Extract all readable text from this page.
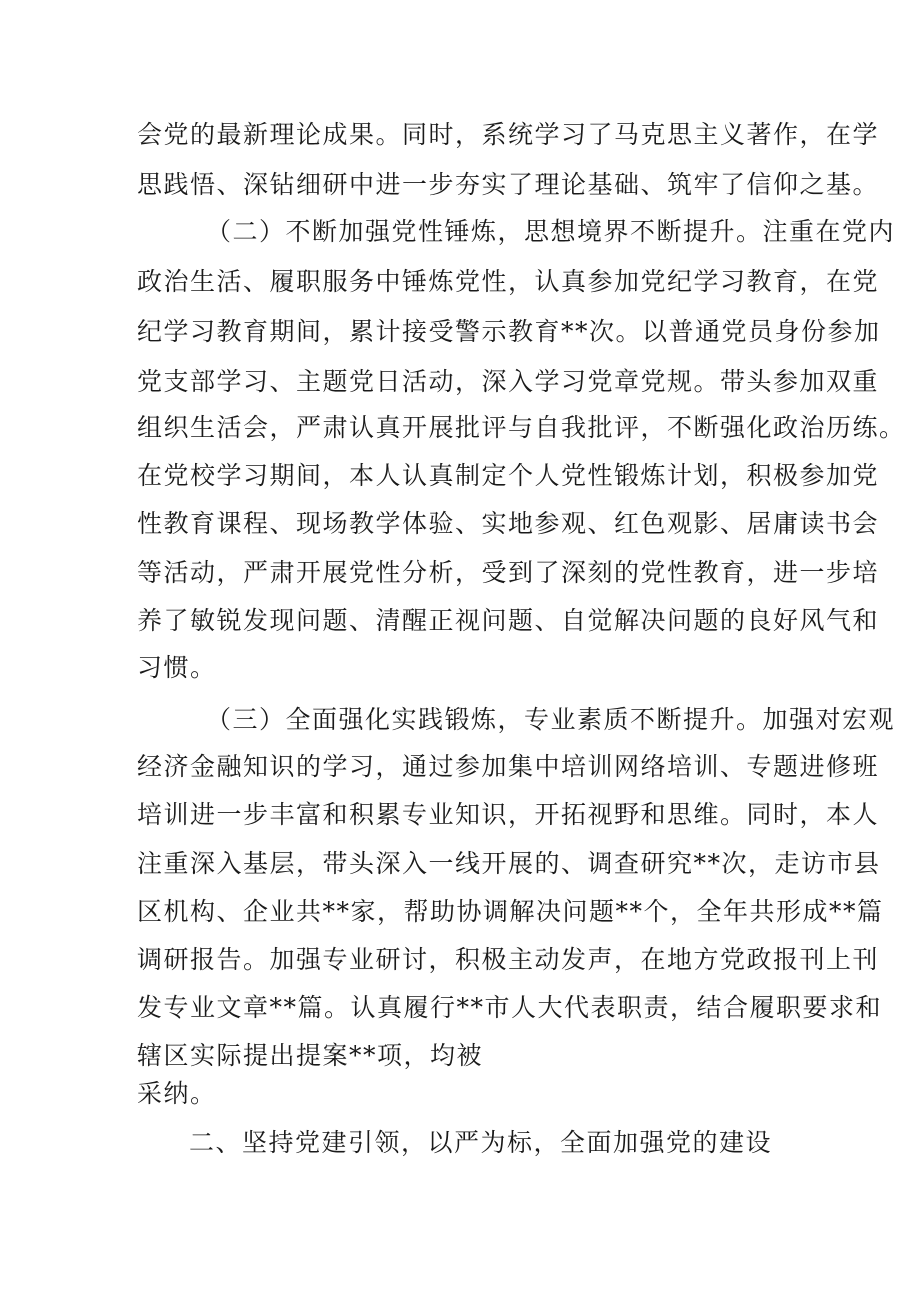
会党的最新理论成果。同时，系统学习了马克思主义著作，在学
思践悟、深钻细研中进一步夯实了理论基础、筑牢了信仰之基。
（二）不断加强党性锤炼，思想境界不断提升。注重在党内
政治生活、履职服务中锤炼党性，认真参加党纪学习教育，在党
纪学习教育期间，累计接受警示教育**次。以普通党员身份参加
党支部学习、主题党日活动，深入学习党章党规。带头参加双重
组织生活会，严肃认真开展批评与自我批评，不断强化政治历练。
在党校学习期间，本人认真制定个人党性锻炼计划，积极参加党
性教育课程、现场教学体验、实地参观、红色观影、居庸读书会
等活动，严肃开展党性分析，受到了深刻的党性教育，进一步培
养了敏锐发现问题、清醒正视问题、自觉解决问题的良好风气和
习惯。
（三）全面强化实践锻炼，专业素质不断提升。加强对宏观
经济金融知识的学习，通过参加集中培训网络培训、专题进修班
培训进一步丰富和积累专业知识，开拓视野和思维。同时，本人
注重深入基层，带头深入一线开展的、调查研究**次，走访市县
区机构、企业共**家，帮助协调解决问题**个，全年共形成**篇
调研报告。加强专业研讨，积极主动发声，在地方党政报刊上刊
发专业文章**篇。认真履行**市人大代表职责，结合履职要求和
辖区实际提出提案**项，均被
采纳。
二、坚持党建引领，以严为标，全面加强党的建设
